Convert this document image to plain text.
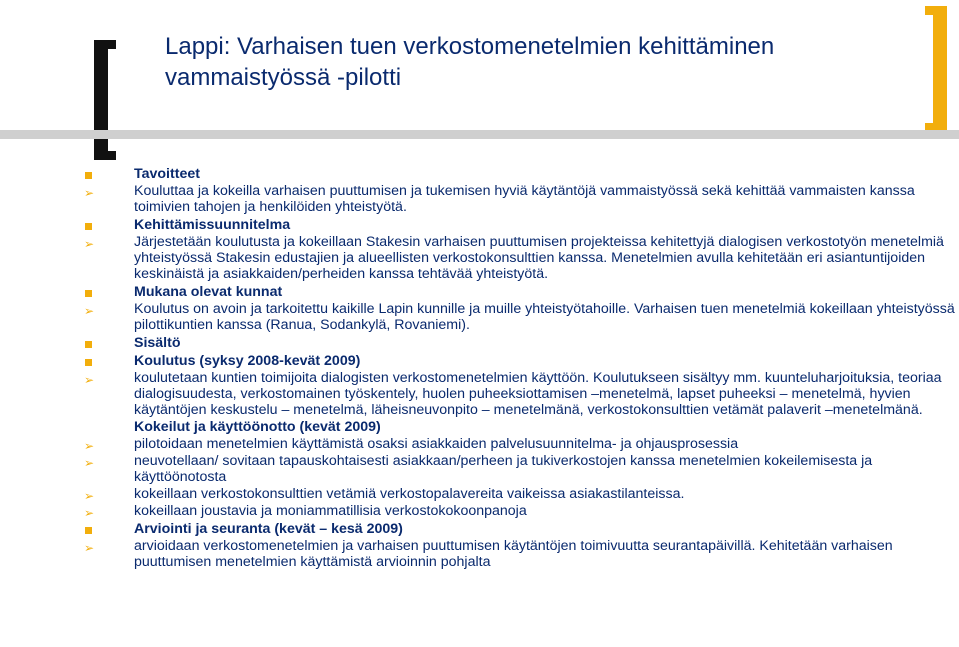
Lappi: Varhaisen tuen verkostomenetelmien kehittäminen vammaistyössä -pilotti
Tavoitteet
➢	Kouluttaa ja kokeilla varhaisen puuttumisen ja tukemisen hyviä käytäntöjä vammaistyössä sekä kehittää vammaisten kanssa toimivien tahojen ja henkilöiden yhteistyötä.
Kehittämissuunnitelma
➢	Järjestetään koulutusta ja kokeillaan Stakesin varhaisen puuttumisen projekteissa kehitettyjä dialogisen verkostotyön menetelmiä yhteistyössä Stakesin edustajien ja alueellisten verkostokonsulttien kanssa. Menetelmien avulla kehitetään eri asiantuntijoiden keskinäistä ja asiakkaiden/perheiden kanssa tehtävää yhteistyötä.
Mukana olevat kunnat
➢	Koulutus on avoin ja tarkoitettu kaikille Lapin kunnille ja muille yhteistyötahoille. Varhaisen tuen menetelmiä kokeillaan yhteistyössä pilottikuntien kanssa (Ranua, Sodankylä, Rovaniemi).
Sisältö
Koulutus (syksy 2008-kevät 2009)
➢	koulutetaan kuntien toimijoita dialogisten verkostomenetelmien käyttöön. Koulutukseen sisältyy mm. kuunteluharjoituksia, teoriaa dialogisuudesta, verkostomainen työskentely, huolen puheeksiottamisen –menetelmä, lapset puheeksi – menetelmä, hyvien käytäntöjen keskustelu – menetelmä, läheisneuvonpito – menetelmänä, verkostokonsulttien vetämät palaverit –menetelmänä.
Kokeilut ja käyttöönotto (kevät 2009)
➢	pilotoidaan menetelmien käyttämistä osaksi asiakkaiden palvelusuunnitelma- ja ohjausprosessia
➢	neuvotellaan/ sovitaan tapauskohtaisesti asiakkaan/perheen ja tukiverkostojen kanssa menetelmien kokeilemisesta ja käyttöönotosta
➢	kokeillaan verkostokonsulttien vetämiä verkostopalavereita vaikeissa asiakastilanteissa.
➢	kokeillaan joustavia ja moniammatillisia verkostokokoonpanoja
Arviointi ja seuranta (kevät – kesä 2009)
➢	arvioidaan verkostomenetelmien ja varhaisen puuttumisen käytäntöjen toimivuutta seurantapäivillä. Kehitetään varhaisen puuttumisen menetelmien käyttämistä arvioinnin pohjalta
